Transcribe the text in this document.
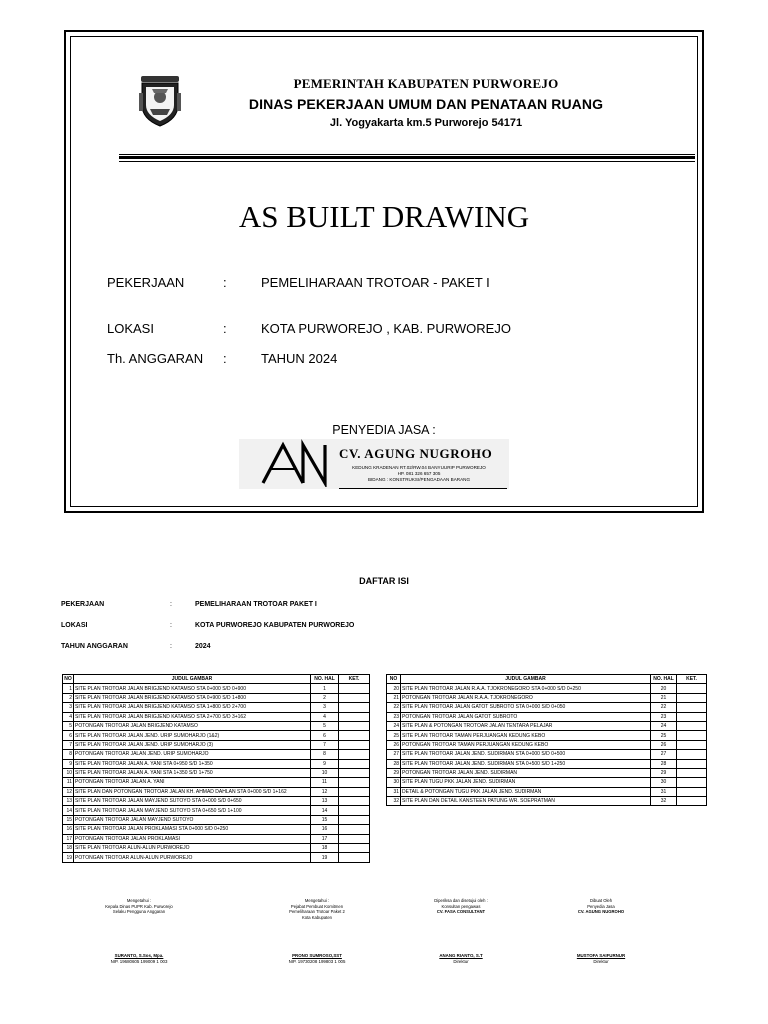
PEMERINTAH KABUPATEN PURWOREJO
DINAS PEKERJAAN UMUM DAN PENATAAN RUANG
Jl. Yogyakarta km.5 Purworejo 54171
AS BUILT DRAWING
PEKERJAAN	:	PEMELIHARAAN TROTOAR - PAKET I
LOKASI	:	KOTA PURWOREJO , KAB. PURWOREJO
Th. ANGGARAN :	TAHUN 2024
PENYEDIA JASA :
CV. AGUNG NUGROHO
KEDUNG KRADENAN RT.02/RW.04 BANYUURIP PURWOREJO
HP. 081 326 657 305
BIDANG : KONSTRUKSI/PENGADAAN BARANG
DAFTAR ISI
PEKERJAAN	:	PEMELIHARAAN TROTOAR PAKET I
LOKASI	:	KOTA PURWOREJO KABUPATEN PURWOREJO
TAHUN ANGGARAN	:	2024
NO	JUDUL GAMBAR	NO. HAL	KET.
1	SITE PLAN TROTOAR JALAN BRIGJEND KATAMSO STA 0+000 S/D 0+900	1	
2	SITE PLAN TROTOAR JALAN BRIGJEND KATAMSO STA 0+900 S/D 1+800	2	
3	SITE PLAN TROTOAR JALAN BRIGJEND KATAMSO STA 1+800 S/D 2+700	3	
4	SITE PLAN TROTOAR JALAN BRIGJEND KATAMSO STA 2+700 S/D 3+162	4	
5	POTONGAN TROTOAR JALAN BRIGJEND KATAMSO	5	
6	SITE PLAN TROTOAR JALAN JEND. URIP SUMOHARJO (1&2)	6	
7	SITE PLAN TROTOAR JALAN JEND. URIP SUMOHARJO (3)	7	
8	POTONGAN TROTOAR JALAN JEND. URIP SUMOHARJO	8	
9	SITE PLAN TROTOAR JALAN A. YANI STA 0+950 S/D 1+350	9	
10	SITE PLAN TROTOAR JALAN A. YANI STA 1+350 S/D 1+750	10	
11	POTONGAN TROTOAR JALAN A. YANI	11	
12	SITE PLAN DAN POTONGAN TROTOAR JALAN KH. AHMAD DAHLAN STA 0+000 S/D 1+162	12	
13	SITE PLAN TROTOAR JALAN MAYJEND SUTOYO STA 0+000 S/D 0+650	13	
14	SITE PLAN TROTOAR JALAN MAYJEND SUTOYO STA 0+650 S/D 1+100	14	
15	POTONGAN TROTOAR JALAN MAYJEND SUTOYO	15	
16	SITE PLAN TROTOAR JALAN PROKLAMASI STA 0+000 S/D 0+250	16	
17	POTONGAN TROTOAR JALAN PROKLAMASI	17	
18	SITE PLAN TROTOAR ALUN-ALUN PURWOREJO	18	
19	POTONGAN TROTOAR ALUN-ALUN PURWOREJO	19	
NO	JUDUL GAMBAR	NO. HAL	KET.
20	SITE PLAN TROTOAR JALAN R.A.A. TJOKRONEGORO STA 0+000 S/D 0+250	20	
21	POTONGAN TROTOAR JALAN R.A.A. TJOKRONEGORO	21	
22	SITE PLAN TROTOAR JALAN GATOT SUBROTO STA 0+000 S/D 0+050	22	
23	POTONGAN TROTOAR JALAN GATOT SUBROTO	23	
24	SITE PLAN & POTONGAN TROTOAR JALAN TENTARA PELAJAR	24	
25	SITE PLAN TROTOAR TAMAN PERJUANGAN KEDUNG KEBO	25	
26	POTONGAN TROTOAR TAMAN PERJUANGAN KEDUNG KEBO	26	
27	SITE PLAN TROTOAR JALAN JEND. SUDIRMAN STA 0+000 S/D 0+500	27	
28	SITE PLAN TROTOAR JALAN JEND. SUDIRMAN STA 0+500 S/D 1+250	28	
29	POTONGAN TROTOAR JALAN JEND. SUDIRMAN	29	
30	SITE PLAN TUGU PKK JALAN JEND. SUDIRMAN	30	
31	DETAIL & POTONGAN TUGU PKK JALAN JEND. SUDIRMAN	31	
32	SITE PLAN DAN DETAIL KANSTEEN PATUNG WR. SOEPRATMAN	32	
Mengetahui :
Kepala Dinas PUPR Kab. Purworejo
Selaku Pengguna Anggaran
SURANTO, S.Sos, Mpa.
NIP. 19680605 199009 1 003
Mengetahui :
Pejabat Pembuat Komitmen
Pemeliharaan Trotoar Paket 2
Kota Kabupaten
PRONO SUMROSO,SST
NIP. 19730208 199803 1 005
Diperiksa dan disetujui oleh :
Konsultan pengawas
CV. FASA CONSULTANT
ANANG RIANTO, S.T
Direktur
Dibuat Oleh
Penyedia Jasa
CV. AGUNG NUGROHO
MUSTOFA SAIFURNUR
Direktur
